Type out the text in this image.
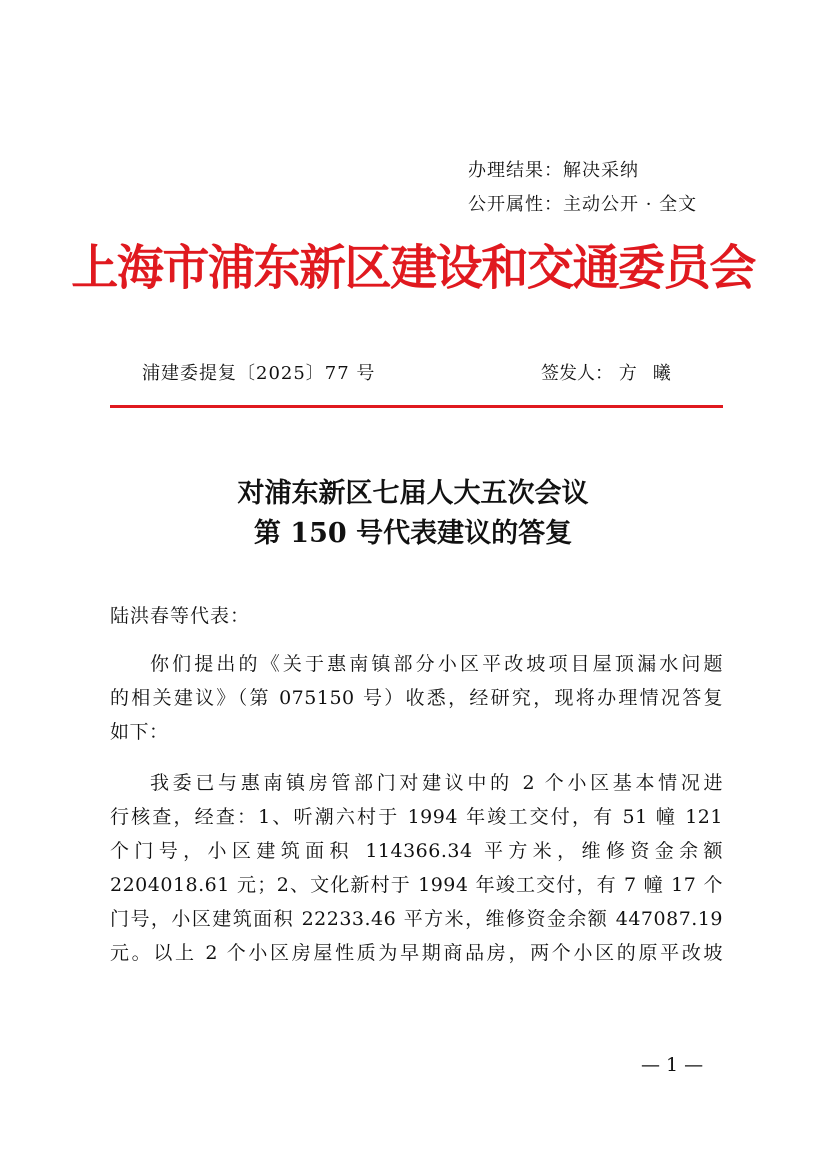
办理结果：解决采纳
公开属性：主动公开 · 全文
上海市浦东新区建设和交通委员会
浦建委提复〔2025〕77 号	签发人： 方 曦
对浦东新区七届人大五次会议
第 150 号代表建议的答复
陆洪春等代表：
你们提出的《关于惠南镇部分小区平改坡项目屋顶漏水问题
的相关建议》（第 075150 号）收悉，经研究，现将办理情况答复
如下：
我委已与惠南镇房管部门对建议中的 2 个小区基本情况进
行核查，经查：1、听潮六村于 1994 年竣工交付，有 51 幢 121
个门号，小区建筑面积 114366.34 平方米，维修资金余额
2204018.61 元；2、文化新村于 1994 年竣工交付，有 7 幢 17 个
门号，小区建筑面积 22233.46 平方米，维修资金余额 447087.19
元。以上 2 个小区房屋性质为早期商品房，两个小区的原平改坡
— 1 —
